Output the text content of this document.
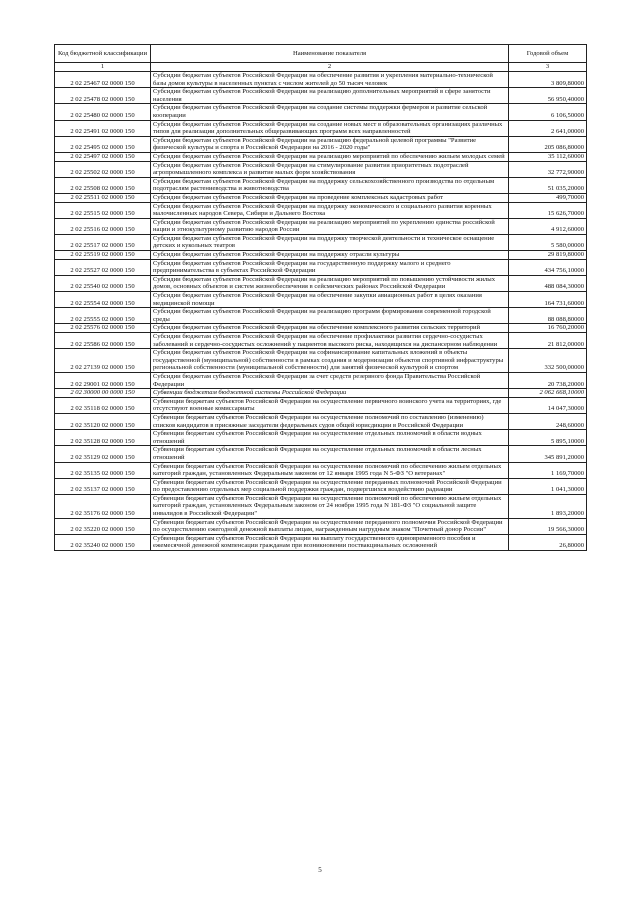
Код бюджетной классификации	Наименование показателя	Годовой объем
1	2	3
2 02 25467 02 0000 150	Субсидии бюджетам субъектов Российской Федерации на обеспечение развития и укрепления материально-технической базы домов культуры в населенных пунктах с числом жителей до 50 тысяч человек	3 809,80000
2 02 25478 02 0000 150	Субсидии бюджетам субъектов Российской Федерации на реализацию дополнительных мероприятий в сфере занятости населения	56 950,40000
2 02 25480 02 0000 150	Субсидии бюджетам субъектов Российской Федерации на создание системы поддержки фермеров и развитие сельской кооперации	6 106,50000
2 02 25491 02 0000 150	Субсидии бюджетам субъектов Российской Федерации на создание новых мест в образовательных организациях различных типов для реализации дополнительных общеразвивающих программ всех направленностей	2 641,00000
2 02 25495 02 0000 150	Субсидии бюджетам субъектов Российской Федерации на реализацию федеральной целевой программы "Развитие физической культуры и спорта в Российской Федерации на 2016 - 2020 годы"	205 086,80000
2 02 25497 02 0000 150	Субсидии бюджетам субъектов Российской Федерации на реализацию мероприятий по обеспечению жильем молодых семей	35 112,60000
2 02 25502 02 0000 150	Субсидии бюджетам субъектов Российской Федерации на стимулирование развития приоритетных подотраслей агропромышленного комплекса и развитие малых форм хозяйствования	32 772,90000
2 02 25508 02 0000 150	Субсидии бюджетам субъектов Российской Федерации на поддержку сельскохозяйственного производства по отдельным подотраслям растениеводства и животноводства	51 035,20000
2 02 25511 02 0000 150	Субсидии бюджетам субъектов Российской Федерации на проведение комплексных кадастровых работ	499,70000
2 02 25515 02 0000 150	Субсидии бюджетам субъектов Российской Федерации на поддержку экономического и социального развития коренных малочисленных народов Севера, Сибири и Дальнего Востока	15 626,70000
2 02 25516 02 0000 150	Субсидии бюджетам субъектов Российской Федерации на реализацию мероприятий по укреплению единства российской нации и этнокультурному развитию народов России	4 912,60000
2 02 25517 02 0000 150	Субсидии бюджетам субъектов Российской Федерации на поддержку творческой деятельности и техническое оснащение детских и кукольных театров	5 580,00000
2 02 25519 02 0000 150	Субсидии бюджетам субъектов Российской Федерации на поддержку отрасли культуры	29 819,80000
2 02 25527 02 0000 150	Субсидии бюджетам субъектов Российской Федерации на государственную поддержку малого и среднего предпринимательства в субъектах Российской Федерации	434 756,10000
2 02 25540 02 0000 150	Субсидии бюджетам субъектов Российской Федерации на реализацию мероприятий по повышению устойчивости жилых домов, основных объектов и систем жизнеобеспечения в сейсмических районах Российской Федерации	488 084,30000
2 02 25554 02 0000 150	Субсидии бюджетам субъектов Российской Федерации на обеспечение закупки авиационных работ в целях оказания медицинской помощи	164 731,60000
2 02 25555 02 0000 150	Субсидии бюджетам субъектов Российской Федерации на реализацию программ формирования современной городской среды	88 088,80000
2 02 25576 02 0000 150	Субсидии бюджетам субъектов Российской Федерации на обеспечение комплексного развития сельских территорий	16 760,20000
2 02 25586 02 0000 150	Субсидии бюджетам субъектов Российской Федерации на обеспечение профилактики развития сердечно-сосудистых заболеваний и сердечно-сосудистых осложнений у пациентов высокого риска, находящихся на диспансерном наблюдении	21 812,00000
2 02 27139 02 0000 150	Субсидии бюджетам субъектов Российской Федерации на софинансирование капитальных вложений в объекты государственной (муниципальной) собственности в рамках создания и модернизации объектов спортивной инфраструктуры региональной собственности (муниципальной собственности) для занятий физической культурой и спортом	332 500,00000
2 02 29001 02 0000 150	Субсидии бюджетам субъектов Российской Федерации за счет средств резервного фонда Правительства Российской Федерации	20 738,20000
2 02 30000 00 0000 150	Субвенции бюджетам бюджетной системы Российской Федерации	2 062 668,10000
2 02 35118 02 0000 150	Субвенции бюджетам субъектов Российской Федерации на осуществление первичного воинского учета на территориях, где отсутствуют военные комиссариаты	14 047,30000
2 02 35120 02 0000 150	Субвенции бюджетам субъектов Российской Федерации на осуществление полномочий по составлению (изменению) списков кандидатов в присяжные заседатели федеральных судов общей юрисдикции в Российской Федерации	248,60000
2 02 35128 02 0000 150	Субвенции бюджетам субъектов Российской Федерации на осуществление отдельных полномочий в области водных отношений	5 895,10000
2 02 35129 02 0000 150	Субвенции бюджетам субъектов Российской Федерации на осуществление отдельных полномочий в области лесных отношений	345 891,20000
2 02 35135 02 0000 150	Субвенции бюджетам субъектов Российской Федерации на осуществление полномочий по обеспечению жильем отдельных категорий граждан, установленных Федеральным законом от 12 января 1995 года N 5-ФЗ "О ветеранах"	1 169,70000
2 02 35137 02 0000 150	Субвенции бюджетам субъектов Российской Федерации на осуществление переданных полномочий Российской Федерации по предоставлению отдельных мер социальной поддержки граждан, подвергшихся воздействию радиации	1 041,30000
2 02 35176 02 0000 150	Субвенции бюджетам субъектов Российской Федерации на осуществление полномочий по обеспечению жильем отдельных категорий граждан, установленных Федеральным законом от 24 ноября 1995 года N 181-ФЗ "О социальной защите инвалидов в Российской Федерации"	1 893,20000
2 02 35220 02 0000 150	Субвенции бюджетам субъектов Российской Федерации на осуществление переданного полномочия Российской Федерации по осуществлению ежегодной денежной выплаты лицам, награжденным нагрудным знаком "Почетный донор России"	19 566,30000
2 02 35240 02 0000 150	Субвенции бюджетам субъектов Российской Федерации на выплату государственного единовременного пособия и ежемесячной денежной компенсации гражданам при возникновении поствакцинальных осложнений	26,80000
5
